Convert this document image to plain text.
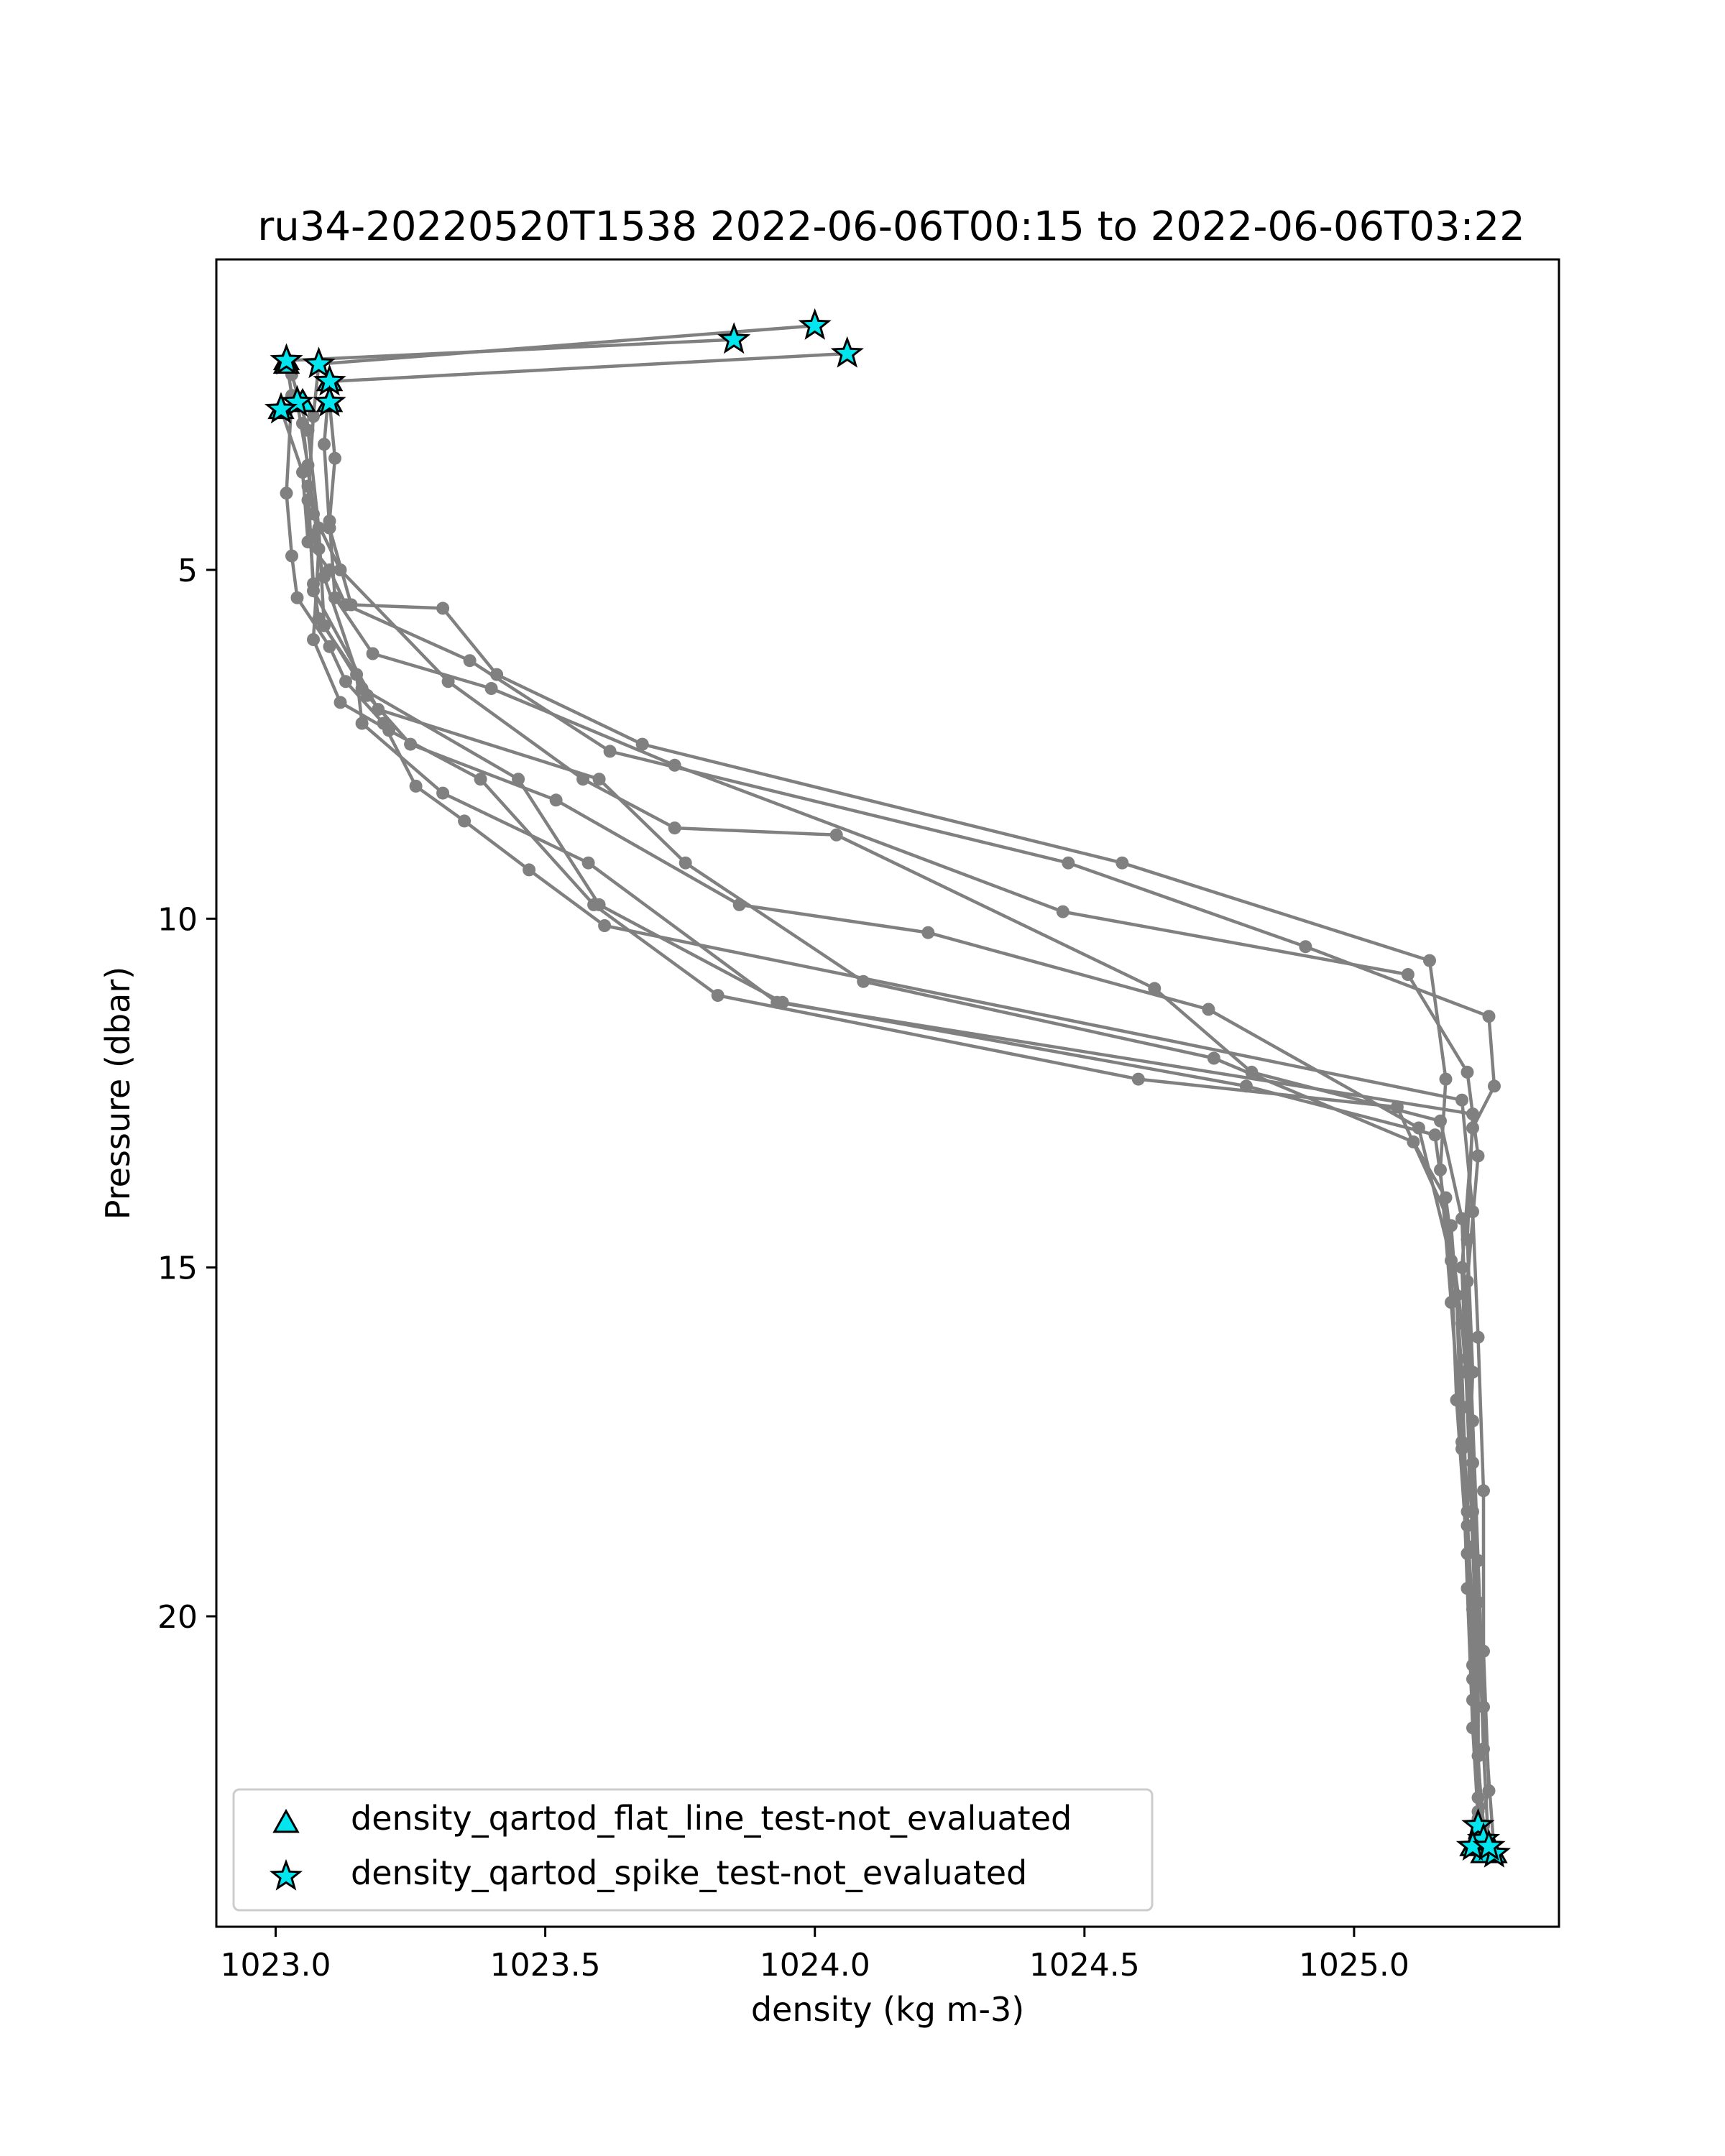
ru34-20220520T1538 2022-06-06T00:15 to 2022-06-06T03:22
1023.0	1023.5	1024.0	1024.5	1025.0
5
10
15
20
density (kg m-3)
Pressure (dbar)
density_qartod_flat_line_test-not_evaluated
density_qartod_spike_test-not_evaluated
